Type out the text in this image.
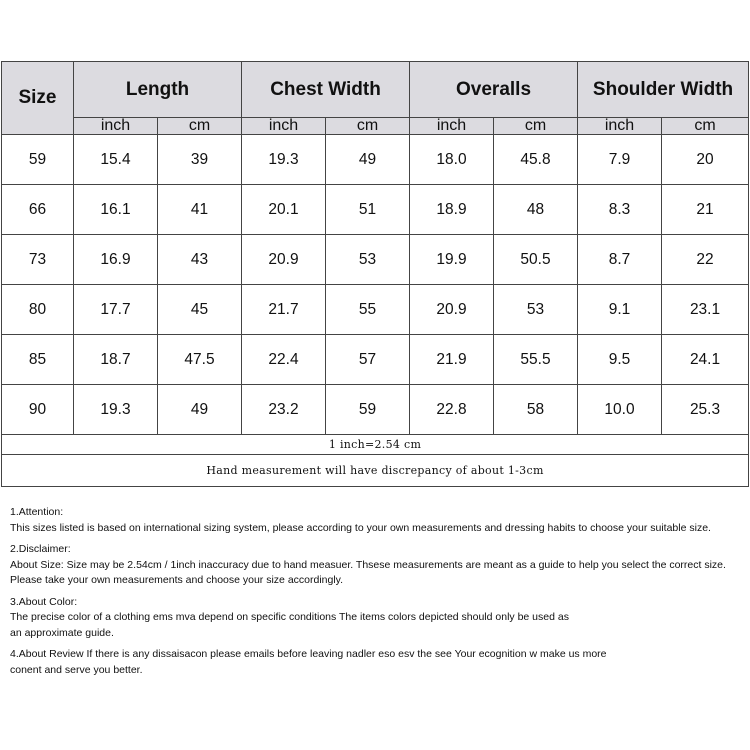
Size	Length		Chest Width		Overalls		Shoulder Width	
	inch	cm	inch	cm	inch	cm	inch	cm
59	15.4	39	19.3	49	18.0	45.8	7.9	20
66	16.1	41	20.1	51	18.9	48	8.3	21
73	16.9	43	20.9	53	19.9	50.5	8.7	22
80	17.7	45	21.7	55	20.9	53	9.1	23.1
85	18.7	47.5	22.4	57	21.9	55.5	9.5	24.1
90	19.3	49	23.2	59	22.8	58	10.0	25.3
1 inch=2.54 cm								
Hand measurement will have discrepancy of about 1-3cm								

1.Attention:
This sizes listed is based on international sizing system, please according to your own measurements and dressing habits to choose your suitable size.

2.Disclaimer:
About Size: Size may be 2.54cm / 1inch inaccuracy due to hand measuer. Thsese measurements are meant as a guide to help you select the correct size.
Please take your own measurements and choose your size accordingly.

3.About Color:
The precise color of a clothing ems mva depend on specific conditions The items colors depicted should only be used as
an approximate guide.

4.About Review If there is any dissaisacon please emails before leaving nadler eso esv the see Your ecognition w make us more
conent and serve you better.
